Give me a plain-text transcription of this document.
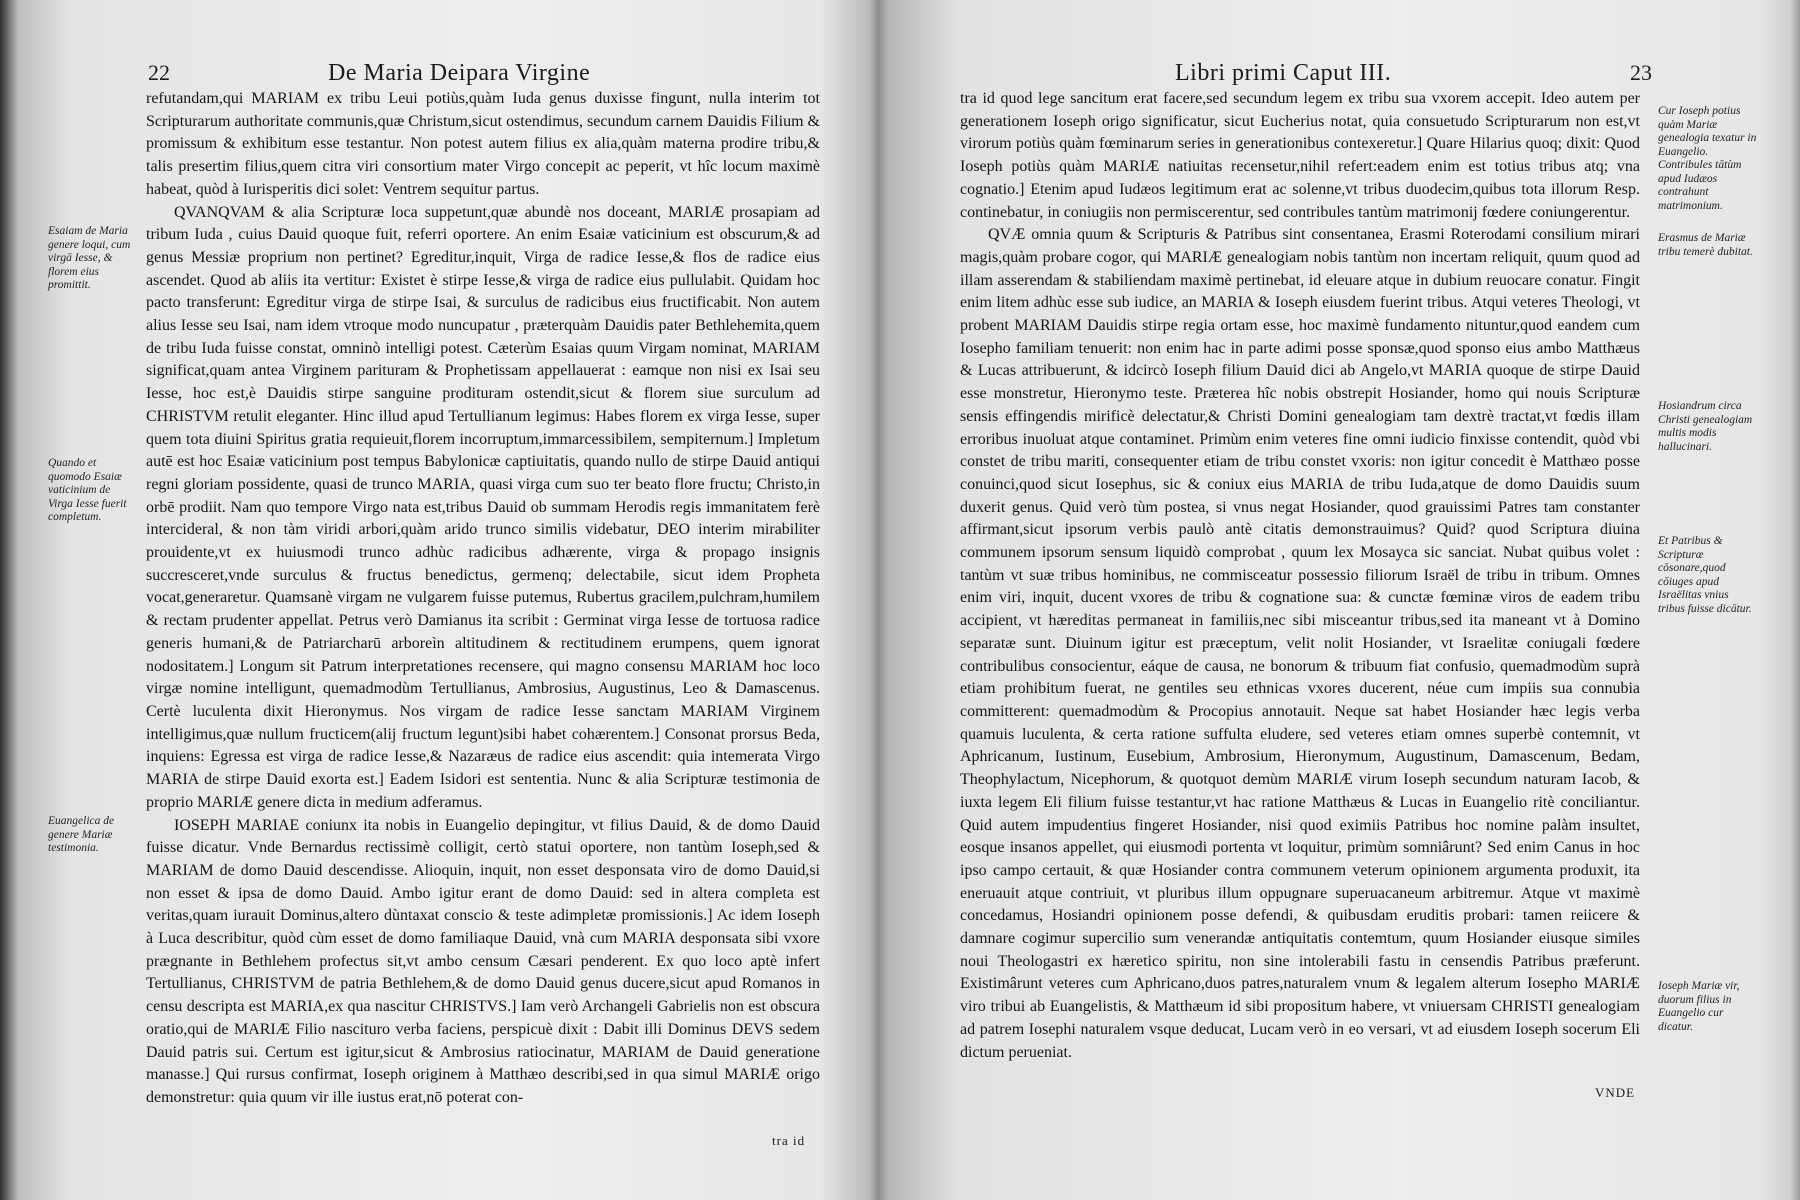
22	De Maria Deipara Virgine
Esaiam de Maria genere loqui, cum virgā Iesse, & florem eius promittit.
Quando et quomodo Esaiæ vaticinium de Virga Iesse fuerit completum.
Euangelica de genere Mariæ testimonia.

refutandam,qui MARIAM ex tribu Leui potiùs,quàm Iuda genus duxisse fingunt, nulla interim tot Scripturarum authoritate communis,quæ Christum,sicut ostendimus, secundum carnem Dauidis Filium & promissum & exhibitum esse testantur. Non potest autem filius ex alia,quàm materna prodire tribu,& talis presertim filius,quem citra viri consortium mater Virgo concepit ac peperit, vt hîc locum maximè habeat, quòd à Iurisperitis dici solet: Ventrem sequitur partus.

QVANQVAM & alia Scripturæ loca suppetunt,quæ abundè nos doceant, MARIÆ prosapiam ad tribum Iuda , cuius Dauid quoque fuit, referri oportere. An enim Esaiæ vaticinium est obscurum,& ad genus Messiæ proprium non pertinet? Egreditur,inquit, Virga de radice Iesse,& flos de radice eius ascendet. Quod ab aliis ita vertitur: Existet è stirpe Iesse,& virga de radice eius pullulabit. Quidam hoc pacto transferunt: Egreditur virga de stirpe Isai, & surculus de radicibus eius fructificabit. Non autem alius Iesse seu Isai, nam idem vtroque modo nuncupatur , præterquàm Dauidis pater Bethlehemita,quem de tribu Iuda fuisse constat, omninò intelligi potest. Cæterùm Esaias quum Virgam nominat, MARIAM significat,quam antea Virginem parituram & Prophetissam appellauerat : eamque non nisi ex Isai seu Iesse, hoc est,è Dauidis stirpe sanguine prodituram ostendit,sicut & florem siue surculum ad CHRISTVM retulit eleganter. Hinc illud apud Tertullianum legimus: Habes florem ex virga Iesse, super quem tota diuini Spiritus gratia requieuit,florem incorruptum,immarcessibilem, sempiternum.] Impletum autē est hoc Esaiæ vaticinium post tempus Babylonicæ captiuitatis, quando nullo de stirpe Dauid antiqui regni gloriam possidente, quasi de trunco MARIA, quasi virga cum suo ter beato flore fructu; Christo,in orbē prodiit. Nam quo tempore Virgo nata est,tribus Dauid ob summam Herodis regis immanitatem ferè intercideral, & non tàm viridi arbori,quàm arido trunco similis videbatur, DEO interim mirabiliter prouidente,vt ex huiusmodi trunco adhùc radicibus adhærente, virga & propago insignis succresceret,vnde surculus & fructus benedictus, germenq; delectabile, sicut idem Propheta vocat,generaretur. Quamsanè virgam ne vulgarem fuisse putemus, Rubertus gracilem,pulchram,humilem & rectam prudenter appellat. Petrus verò Damianus ita scribit : Germinat virga Iesse de tortuosa radice generis humani,& de Patriarcharū arboreìn altitudinem & rectitudinem erumpens, quem ignorat nodositatem.] Longum sit Patrum interpretationes recensere, qui magno consensu MARIAM hoc loco virgæ nomine intelligunt, quemadmodùm Tertullianus, Ambrosius, Augustinus, Leo & Damascenus. Certè luculenta dixit Hieronymus. Nos virgam de radice Iesse sanctam MARIAM Virginem intelligimus,quæ nullum fructicem(alij fructum legunt)sibi habet cohærentem.] Consonat prorsus Beda, inquiens: Egressa est virga de radice Iesse,& Nazaræus de radice eius ascendit: quia intemerata Virgo MARIA de stirpe Dauid exorta est.] Eadem Isidori est sententia. Nunc & alia Scripturæ testimonia de proprio MARIÆ genere dicta in medium adferamus.

IOSEPH MARIAE coniunx ita nobis in Euangelio depingitur, vt filius Dauid, & de domo Dauid fuisse dicatur. Vnde Bernardus rectissimè colligit, certò statui oportere, non tantùm Ioseph,sed & MARIAM de domo Dauid descendisse. Alioquin, inquit, non esset desponsata viro de domo Dauid,si non esset & ipsa de domo Dauid. Ambo igitur erant de domo Dauid: sed in altera completa est veritas,quam iurauit Dominus,altero dùntaxat conscio & teste adimpletæ promissionis.] Ac idem Ioseph à Luca describitur, quòd cùm esset de domo familiaque Dauid, vnà cum MARIA desponsata sibi vxore prægnante in Bethlehem profectus sit,vt ambo censum Cæsari penderent. Ex quo loco aptè infert Tertullianus, CHRISTVM de patria Bethlehem,& de domo Dauid genus ducere,sicut apud Romanos in censu descripta est MARIA,ex qua nascitur CHRISTVS.] Iam verò Archangeli Gabrielis non est obscura oratio,qui de MARIÆ Filio nasciturо verba faciens, perspicuè dixit : Dabit illi Dominus DEVS sedem Dauid patris sui. Certum est igitur,sicut & Ambrosius ratiocinatur, MARIAM de Dauid generatione manasse.] Qui rursus confirmat, Ioseph originem à Matthæo describi,sed in qua simul MARIÆ origo demonstretur: quia quum vir ille iustus erat,nō poterat con-

tra id
Libri primi Caput III.	23

tra id quod lege sancitum erat facere,sed secundum legem ex tribu sua vxorem accepit. Ideo autem per generationem Ioseph origo significatur, sicut Eucherius notat, quia consuetudo Scripturarum non est,vt virorum potiùs quàm fœminarum series in generationibus contexeretur.] Quare Hilarius quoq; dixit: Quod Ioseph potiùs quàm MARIÆ natiuitas recensetur,nihil refert:eadem enim est totius tribus atq; vna cognatio.] Etenim apud Iudæos legitimum erat ac solenne,vt tribus duodecim,quibus tota illorum Resp. continebatur, in coniugiis non permiscerentur, sed contribules tantùm matrimonij fœdere coniungerentur.

QVÆ omnia quum & Scripturis & Patribus sint consentanea, Erasmi Roterodami consilium mirari magis,quàm probare cogor, qui MARIÆ genealogiam nobis tantùm non incertam reliquit, quum quod ad illam asserendam & stabiliendam maximè pertinebat, id eleuare atque in dubium reuocare conatur. Fingit enim litem adhùc esse sub iudice, an MARIA & Ioseph eiusdem fuerint tribus. Atqui veteres Theologi, vt probent MARIAM Dauidis stirpe regia ortam esse, hoc maximè fundamento nituntur,quod eandem cum Iosepho familiam tenuerit: non enim hac in parte adimi posse sponsæ,quod sponso eius ambo Matthæus & Lucas attribuerunt, & idcircò Ioseph filium Dauid dici ab Angelo,vt MARIA quoque de stirpe Dauid esse monstretur, Hieronymo teste. Præterea hîc nobis obstrepit Hosiander, homo qui nouis Scripturæ sensis effingendis mirificè delectatur,& Christi Domini genealogiam tam dextrè tractat,vt fœdis illam erroribus inuoluat atque contaminet. Primùm enim veteres fine omni iudicio finxisse contendit, quòd vbi constet de tribu mariti, consequenter etiam de tribu constet vxoris: non igitur concedit è Matthæo posse conuinci,quod sicut Iosephus, sic & coniux eius MARIA de tribu Iuda,atque de domo Dauidis suum duxerit genus. Quid verò tùm postea, si vnus negat Hosiander, quod grauissimi Patres tam constanter affirmant,sicut ipsorum verbis paulò antè citatis demonstrauimus? Quid? quod Scriptura diuina communem ipsorum sensum liquidò comprobat , quum lex Mosayca sic sanciat. Nubat quibus volet : tantùm vt suæ tribus hominibus, ne commisceatur possessio filiorum Israël de tribu in tribum. Omnes enim viri, inquit, ducent vxores de tribu & cognatione sua: & cunctæ fœminæ viros de eadem tribu accipient, vt hæreditas permaneat in familiis,nec sibi misceantur tribus,sed ita maneant vt à Domino separatæ sunt. Diuinum igitur est præceptum, velit nolit Hosiander, vt Israelitæ coniugali fœdere contribulibus consocientur, eáque de causa, ne bonorum & tribuum fiat confusio, quemadmodùm suprà etiam prohibitum fuerat, ne gentiles seu ethnicas vxores ducerent, néue cum impiis sua connubia committerent: quemadmodùm & Procopius annotauit. Neque sat habet Hosiander hæc legis verba quamuis luculenta, & certa ratione suffulta eludere, sed veteres etiam omnes superbè contemnit, vt Aphricanum, Iustinum, Eusebium, Ambrosium, Hieronymum, Augustinum, Damascenum, Bedam, Theophylactum, Nicephorum, & quotquot demùm MARIÆ virum Ioseph secundum naturam Iacob, & iuxta legem Eli filium fuisse testantur,vt hac ratione Matthæus & Lucas in Euangelio ritè conciliantur. Quid autem impudentius fingeret Hosiander, nisi quod eximiis Patribus hoc nomine palàm insultet, eosque insanos appellet, qui eiusmodi portenta vt loquitur, primùm somniârunt? Sed enim Canus in hoc ipso campo certauit, & quæ Hosiander contra communem veterum opinionem argumenta produxit, ita eneruauit atque contriuit, vt pluribus illum oppugnare superuacaneum arbitremur. Atque vt maximè concedamus, Hosiandri opinionem posse defendi, & quibusdam eruditis probari: tamen reiicere & damnare cogimur supercilio sum venerandæ antiquitatis contemtum, quum Hosiander eiusque similes noui Theologastri ex hæretico spiritu, non sine intolerabili fastu in censendis Patribus præferunt. Existimârunt veteres cum Aphricano,duos patres,naturalem vnum & legalem alterum Iosepho MARIÆ viro tribui ab Euangelistis, & Matthæum id sibi propositum habere, vt vniuersam CHRISTI genealogiam ad patrem Iosephi naturalem vsque deducat, Lucam verò in eo versari, vt ad eiusdem Ioseph socerum Eli dictum perueniat.

Cur Ioseph potius quàm Mariæ genealogia texatur in Euangelio. Contribules tātùm apud Iudæos contrahunt matrimonium.
Erasmus de Mariæ tribu temerè dubitat.
Hosiandrum circa Christi genealogiam multis modis hallucinari.
Et Patribus & Scripturæ cōsonare,quod cōiuges apud Israëlitas vnius tribus fuisse dicātur.
Ioseph Mariæ vir, duorum filius in Euangelio cur dicatur.
VNDE
